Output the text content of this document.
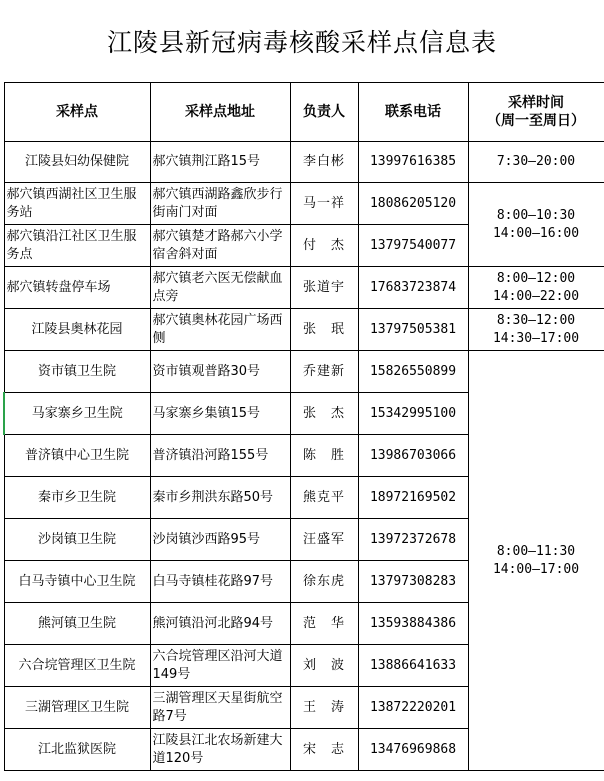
江陵县新冠病毒核酸采样点信息表
采样点	采样点地址	负责人	联系电话	采样时间
（周一至周日）
江陵县妇幼保健院	郝穴镇荆江路15号	李白彬	13997616385	7:30—20:00
郝穴镇西湖社区卫生服务站	郝穴镇西湖路鑫欣步行街南门对面	马一祥	18086205120	8:00—10:30
14:00—16:00
郝穴镇沿江社区卫生服务点	郝穴镇楚才路郝六小学宿舍斜对面	付　杰	13797540077	
郝穴镇转盘停车场	郝穴镇老六医无偿献血点旁	张道宇	17683723874	8:00—12:00
14:00—22:00
江陵县奥林花园	郝穴镇奥林花园广场西侧	张　珉	13797505381	8:30—12:00
14:30—17:00
资市镇卫生院	资市镇观普路30号	乔建新	15826550899	8:00—11:30
14:00—17:00
马家寨乡卫生院	马家寨乡集镇15号	张　杰	15342995100	
普济镇中心卫生院	普济镇沿河路155号	陈　胜	13986703066	
秦市乡卫生院	秦市乡荆洪东路50号	熊克平	18972169502	
沙岗镇卫生院	沙岗镇沙西路95号	汪盛军	13972372678	
白马寺镇中心卫生院	白马寺镇桂花路97号	徐东虎	13797308283	
熊河镇卫生院	熊河镇沿河北路94号	范　华	13593884386	
六合垸管理区卫生院	六合垸管理区沿河大道149号	刘　波	13886641633	
三湖管理区卫生院	三湖管理区天星街航空路7号	王　涛	13872220201	
江北监狱医院	江陵县江北农场新建大道120号	宋　志	13476969868	
